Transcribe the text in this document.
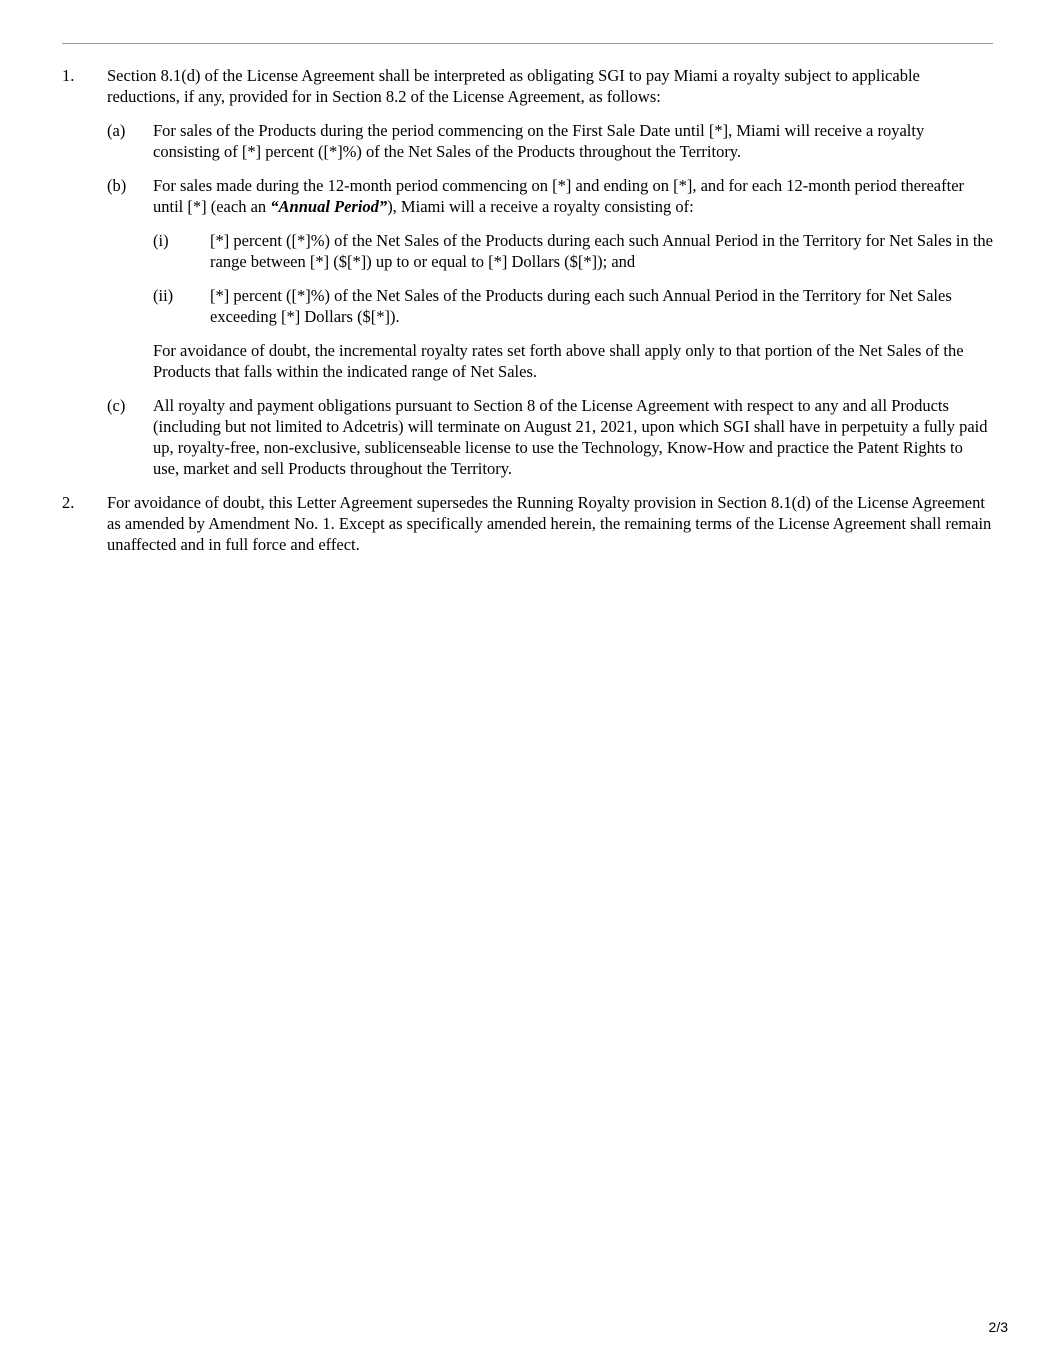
1.	Section 8.1(d) of the License Agreement shall be interpreted as obligating SGI to pay Miami a royalty subject to applicable reductions, if any, provided for in Section 8.2 of the License Agreement, as follows:
(a)	For sales of the Products during the period commencing on the First Sale Date until [*], Miami will receive a royalty consisting of [*] percent ([*]%) of the Net Sales of the Products throughout the Territory.
(b)	For sales made during the 12-month period commencing on [*] and ending on [*], and for each 12-month period thereafter until [*] (each an “Annual Period”), Miami will a receive a royalty consisting of:
(i)	[*] percent ([*]%) of the Net Sales of the Products during each such Annual Period in the Territory for Net Sales in the range between [*] ($[*]) up to or equal to [*] Dollars ($[*]); and
(ii)	[*] percent ([*]%) of the Net Sales of the Products during each such Annual Period in the Territory for Net Sales exceeding [*] Dollars ($[*]).
For avoidance of doubt, the incremental royalty rates set forth above shall apply only to that portion of the Net Sales of the Products that falls within the indicated range of Net Sales.
(c)	All royalty and payment obligations pursuant to Section 8 of the License Agreement with respect to any and all Products (including but not limited to Adcetris) will terminate on August 21, 2021, upon which SGI shall have in perpetuity a fully paid up, royalty-free, non-exclusive, sublicenseable license to use the Technology, Know-How and practice the Patent Rights to use, market and sell Products throughout the Territory.
2.	For avoidance of doubt, this Letter Agreement supersedes the Running Royalty provision in Section 8.1(d) of the License Agreement as amended by Amendment No. 1. Except as specifically amended herein, the remaining terms of the License Agreement shall remain unaffected and in full force and effect.
2/3
